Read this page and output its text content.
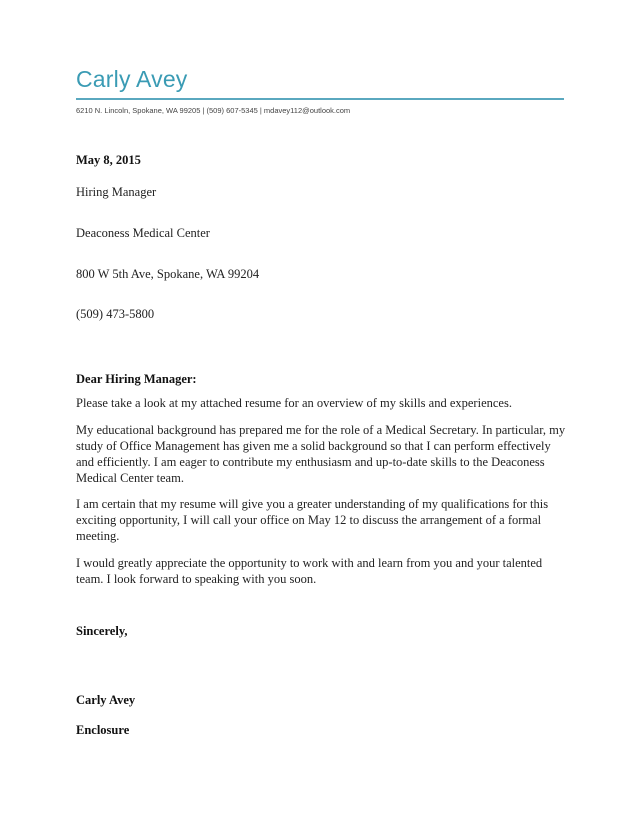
Carly Avey
6210 N. Lincoln, Spokane, WA 99205 | (509) 607-5345 | mdavey112@outlook.com
May 8, 2015
Hiring Manager
Deaconess Medical Center
800 W 5th Ave, Spokane, WA 99204
(509) 473-5800
Dear Hiring Manager:
Please take a look at my attached resume for an overview of my skills and experiences.
My educational background has prepared me for the role of a Medical Secretary. In particular, my study of Office Management has given me a solid background so that I can perform effectively and efficiently. I am eager to contribute my enthusiasm and up-to-date skills to the Deaconess Medical Center team.
I am certain that my resume will give you a greater understanding of my qualifications for this exciting opportunity, I will call your office on May 12 to discuss the arrangement of a formal meeting.
I would greatly appreciate the opportunity to work with and learn from you and your talented team. I look forward to speaking with you soon.
Sincerely,
Carly Avey
Enclosure
